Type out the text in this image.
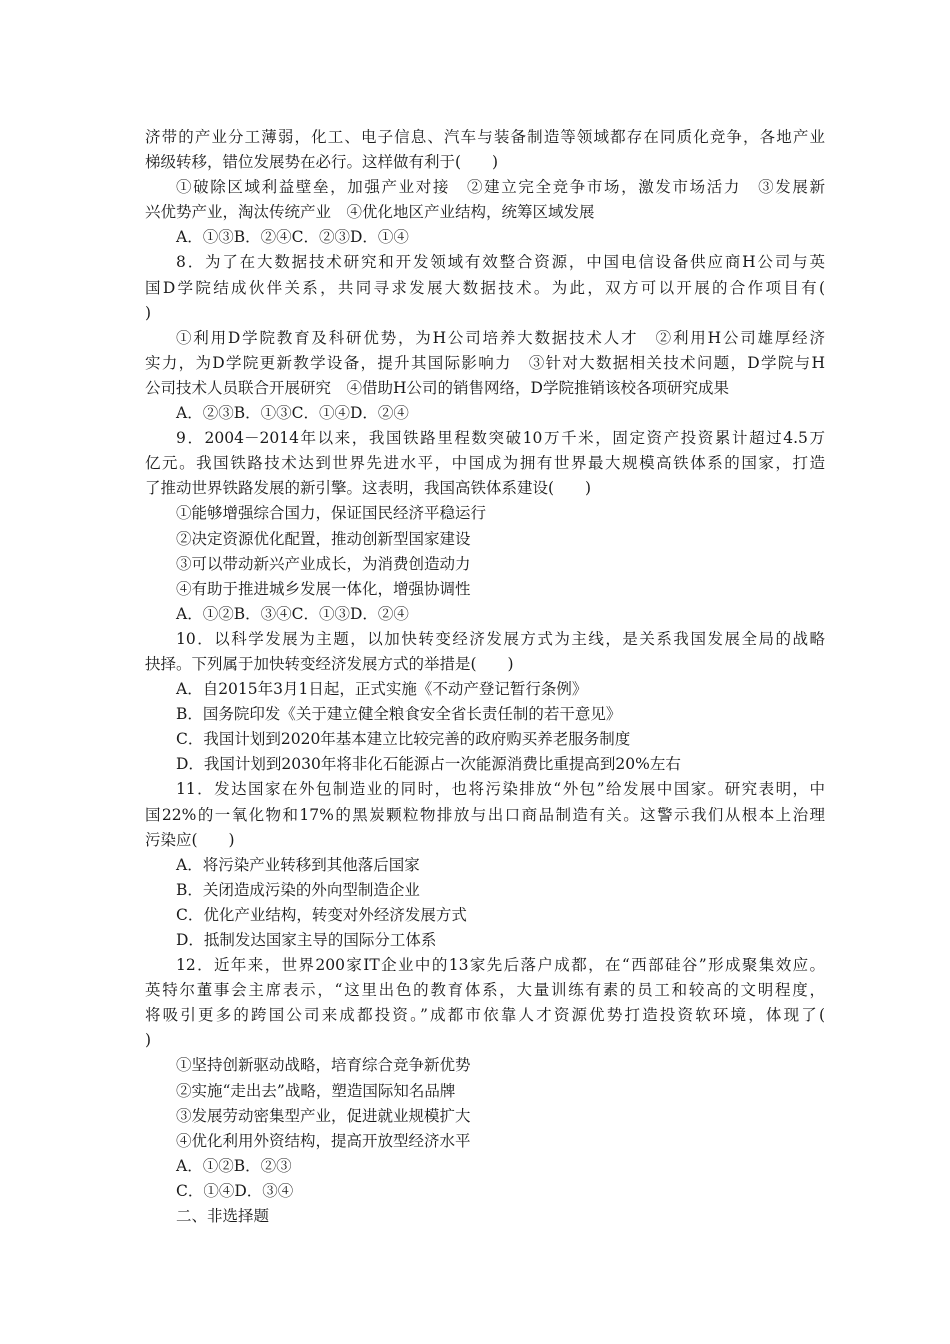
济带的产业分工薄弱，化工、电子信息、汽车与装备制造等领域都存在同质化竞争，各地产业
梯级转移，错位发展势在必行。这样做有利于(　　)
①破除区域利益壁垒，加强产业对接　②建立完全竞争市场，激发市场活力　③发展新
兴优势产业，淘汰传统产业　④优化地区产业结构，统筹区域发展
A．①③B．②④C．②③D．①④
8．为了在大数据技术研究和开发领域有效整合资源，中国电信设备供应商H公司与英
国D学院结成伙伴关系，共同寻求发展大数据技术。为此，双方可以开展的合作项目有(
)
①利用D学院教育及科研优势，为H公司培养大数据技术人才　②利用H公司雄厚经济
实力，为D学院更新教学设备，提升其国际影响力　③针对大数据相关技术问题，D学院与H
公司技术人员联合开展研究　④借助H公司的销售网络，D学院推销该校各项研究成果
A．②③B．①③C．①④D．②④
9．2004－2014年以来，我国铁路里程数突破10万千米，固定资产投资累计超过4.5万
亿元。我国铁路技术达到世界先进水平，中国成为拥有世界最大规模高铁体系的国家，打造
了推动世界铁路发展的新引擎。这表明，我国高铁体系建设(　　)
①能够增强综合国力，保证国民经济平稳运行
②决定资源优化配置，推动创新型国家建设
③可以带动新兴产业成长，为消费创造动力
④有助于推进城乡发展一体化，增强协调性
A．①②B．③④C．①③D．②④
10．以科学发展为主题，以加快转变经济发展方式为主线，是关系我国发展全局的战略
抉择。下列属于加快转变经济发展方式的举措是(　　)
A．自2015年3月1日起，正式实施《不动产登记暂行条例》
B．国务院印发《关于建立健全粮食安全省长责任制的若干意见》
C．我国计划到2020年基本建立比较完善的政府购买养老服务制度
D．我国计划到2030年将非化石能源占一次能源消费比重提高到20%左右
11．发达国家在外包制造业的同时，也将污染排放“外包”给发展中国家。研究表明，中
国22%的一氧化物和17%的黑炭颗粒物排放与出口商品制造有关。这警示我们从根本上治理
污染应(　　)
A．将污染产业转移到其他落后国家
B．关闭造成污染的外向型制造企业
C．优化产业结构，转变对外经济发展方式
D．抵制发达国家主导的国际分工体系
12．近年来，世界200家IT企业中的13家先后落户成都，在“西部硅谷”形成聚集效应。
英特尔董事会主席表示，“这里出色的教育体系，大量训练有素的员工和较高的文明程度，
将吸引更多的跨国公司来成都投资。”成都市依靠人才资源优势打造投资软环境，体现了(
)
①坚持创新驱动战略，培育综合竞争新优势
②实施“走出去”战略，塑造国际知名品牌
③发展劳动密集型产业，促进就业规模扩大
④优化利用外资结构，提高开放型经济水平
A．①②B．②③
C．①④D．③④
二、非选择题
